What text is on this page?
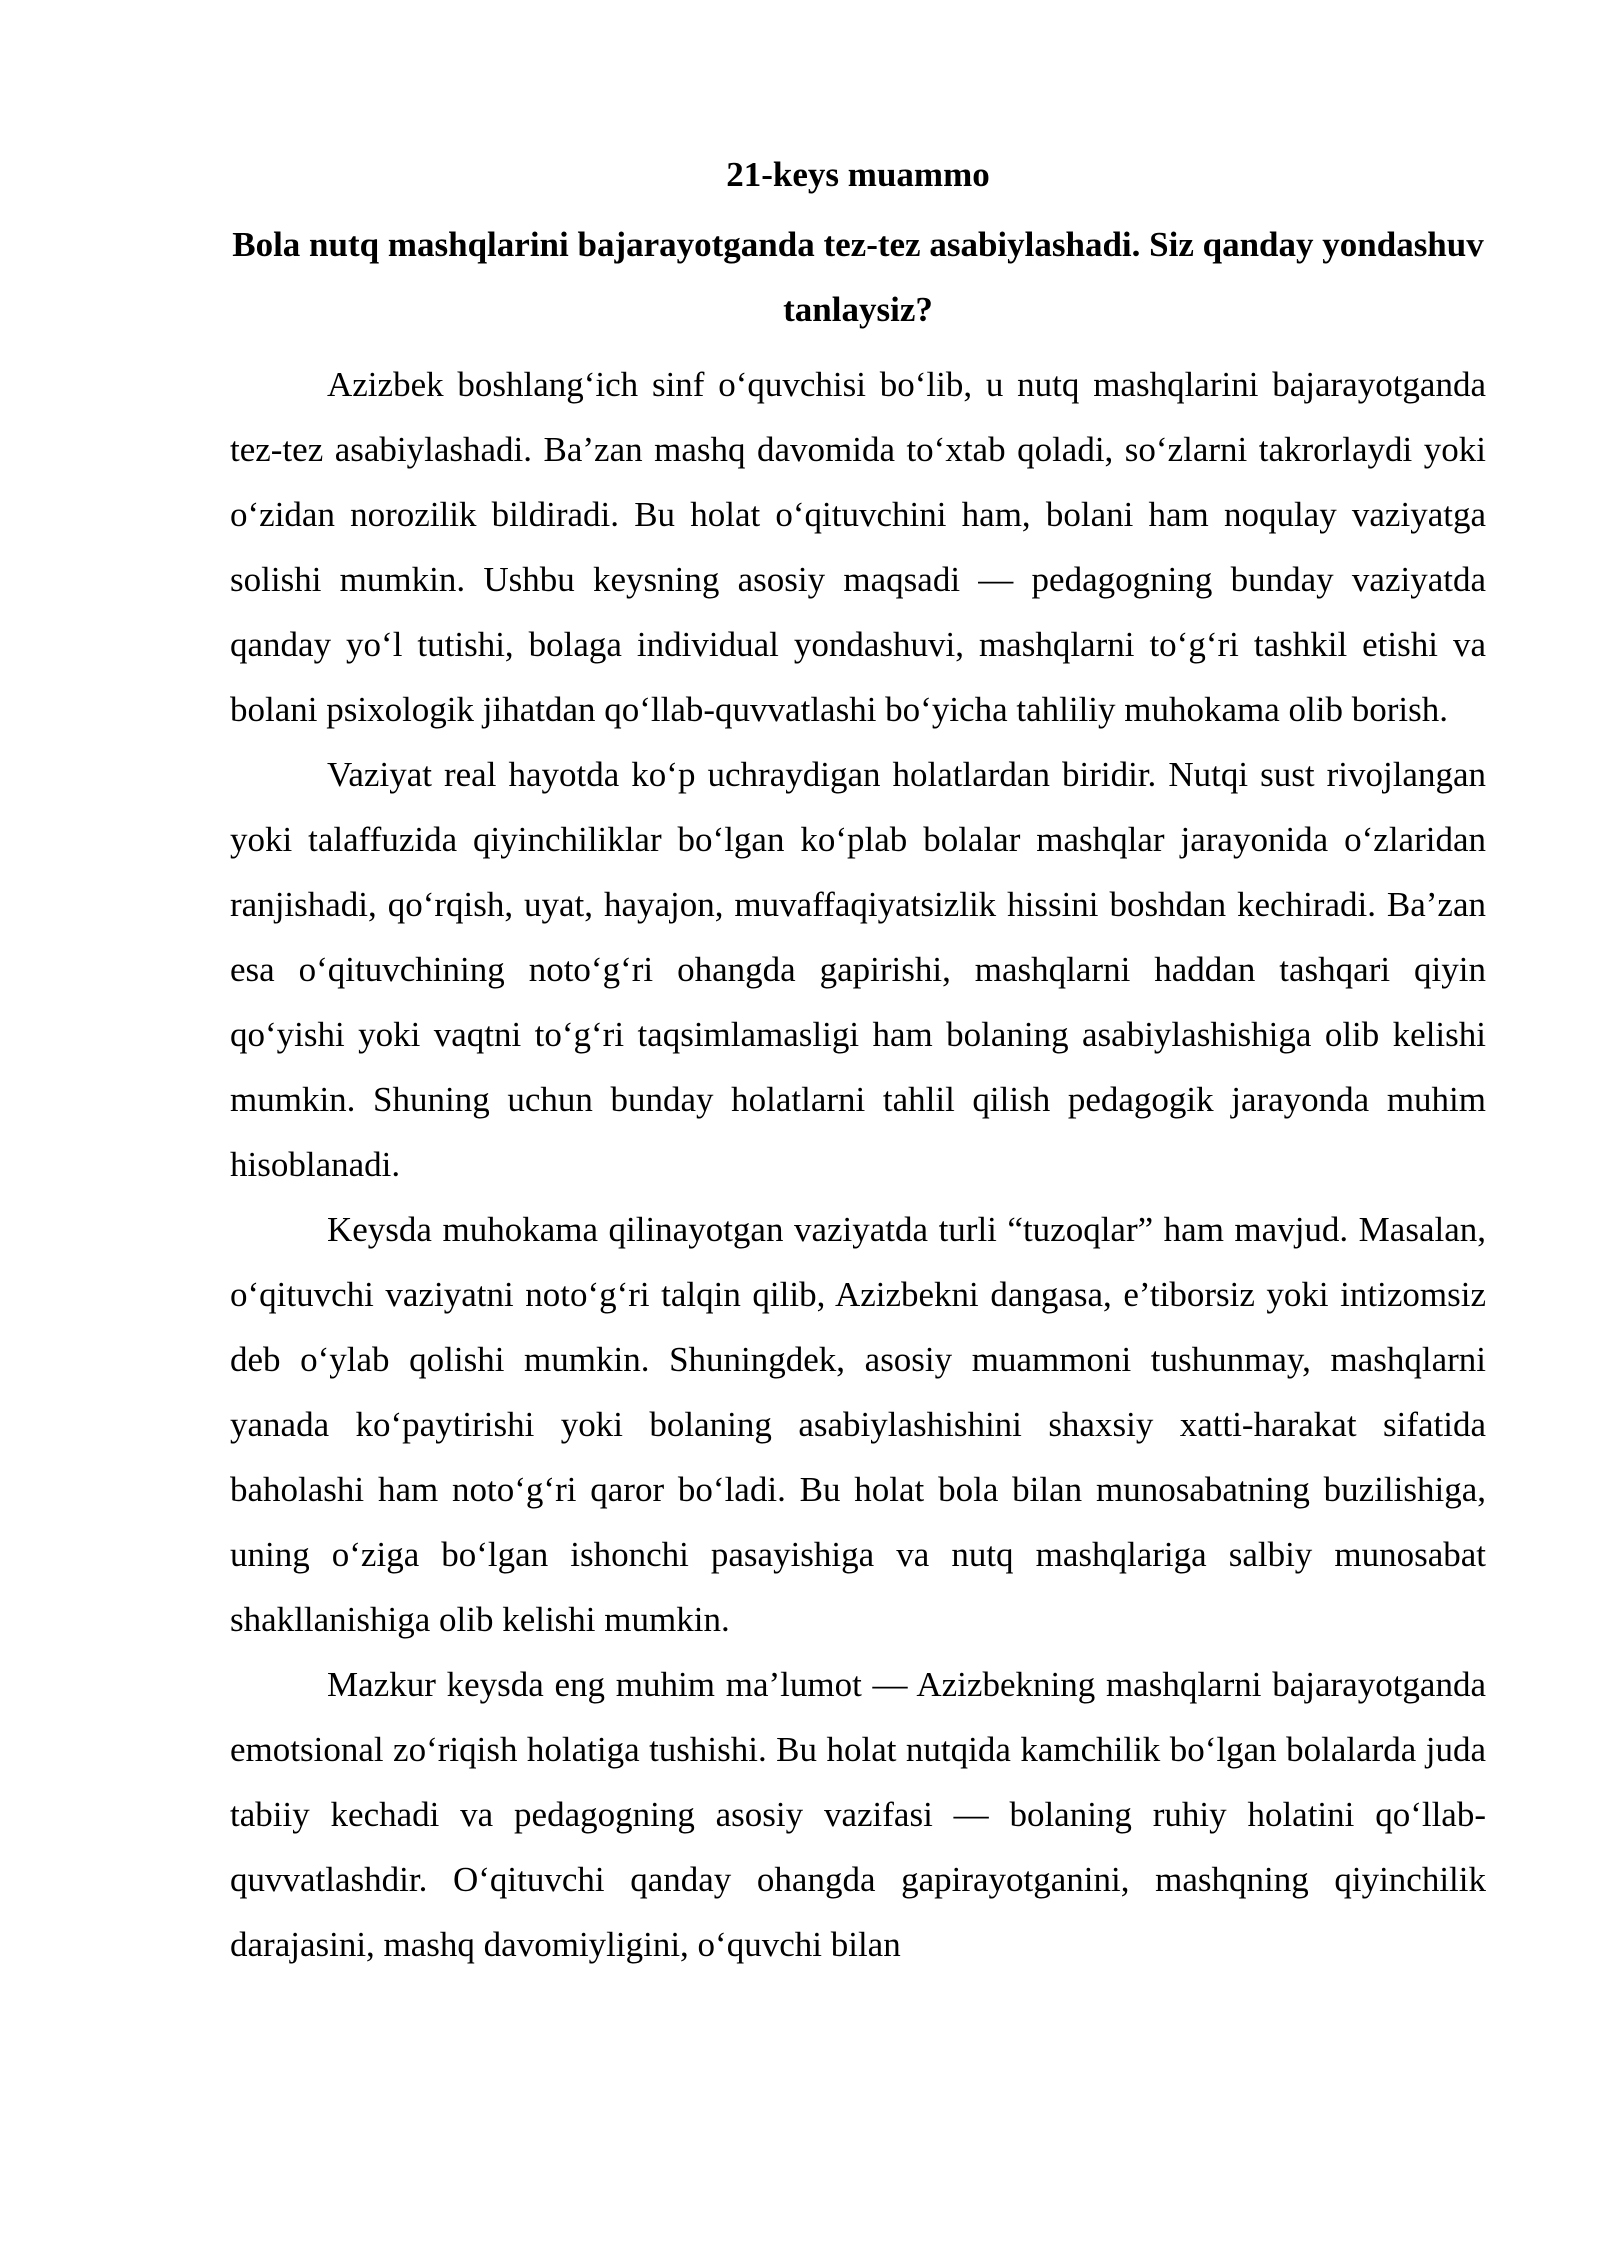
21-keys muammo
Bola nutq mashqlarini bajarayotganda tez-tez asabiylashadi. Siz qanday yondashuv tanlaysiz?

Azizbek boshlang‘ich sinf o‘quvchisi bo‘lib, u nutq mashqlarini bajarayotganda tez-tez asabiylashadi. Ba’zan mashq davomida to‘xtab qoladi, so‘zlarni takrorlaydi yoki o‘zidan norozilik bildiradi. Bu holat o‘qituvchini ham, bolani ham noqulay vaziyatga solishi mumkin. Ushbu keysning asosiy maqsadi — pedagogning bunday vaziyatda qanday yo‘l tutishi, bolaga individual yondashuvi, mashqlarni to‘g‘ri tashkil etishi va bolani psixologik jihatdan qo‘llab-quvvatlashi bo‘yicha tahliliy muhokama olib borish.

Vaziyat real hayotda ko‘p uchraydigan holatlardan biridir. Nutqi sust rivojlangan yoki talaffuzida qiyinchiliklar bo‘lgan ko‘plab bolalar mashqlar jarayonida o‘zlaridan ranjishadi, qo‘rqish, uyat, hayajon, muvaffaqiyatsizlik hissini boshdan kechiradi. Ba’zan esa o‘qituvchining noto‘g‘ri ohangda gapirishi, mashqlarni haddan tashqari qiyin qo‘yishi yoki vaqtni to‘g‘ri taqsimlamasligi ham bolaning asabiylashishiga olib kelishi mumkin. Shuning uchun bunday holatlarni tahlil qilish pedagogik jarayonda muhim hisoblanadi.

Keysda muhokama qilinayotgan vaziyatda turli “tuzoqlar” ham mavjud. Masalan, o‘qituvchi vaziyatni noto‘g‘ri talqin qilib, Azizbekni dangasa, e’tiborsiz yoki intizomsiz deb o‘ylab qolishi mumkin. Shuningdek, asosiy muammoni tushunmay, mashqlarni yanada ko‘paytirishi yoki bolaning asabiylashishini shaxsiy xatti-harakat sifatida baholashi ham noto‘g‘ri qaror bo‘ladi. Bu holat bola bilan munosabatning buzilishiga, uning o‘ziga bo‘lgan ishonchi pasayishiga va nutq mashqlariga salbiy munosabat shakllanishiga olib kelishi mumkin.

Mazkur keysda eng muhim ma’lumot — Azizbekning mashqlarni bajarayotganda emotsional zo‘riqish holatiga tushishi. Bu holat nutqida kamchilik bo‘lgan bolalarda juda tabiiy kechadi va pedagogning asosiy vazifasi — bolaning ruhiy holatini qo‘llab-quvvatlashdir. O‘qituvchi qanday ohangda gapirayotganini, mashqning qiyinchilik darajasini, mashq davomiyligini, o‘quvchi bilan
